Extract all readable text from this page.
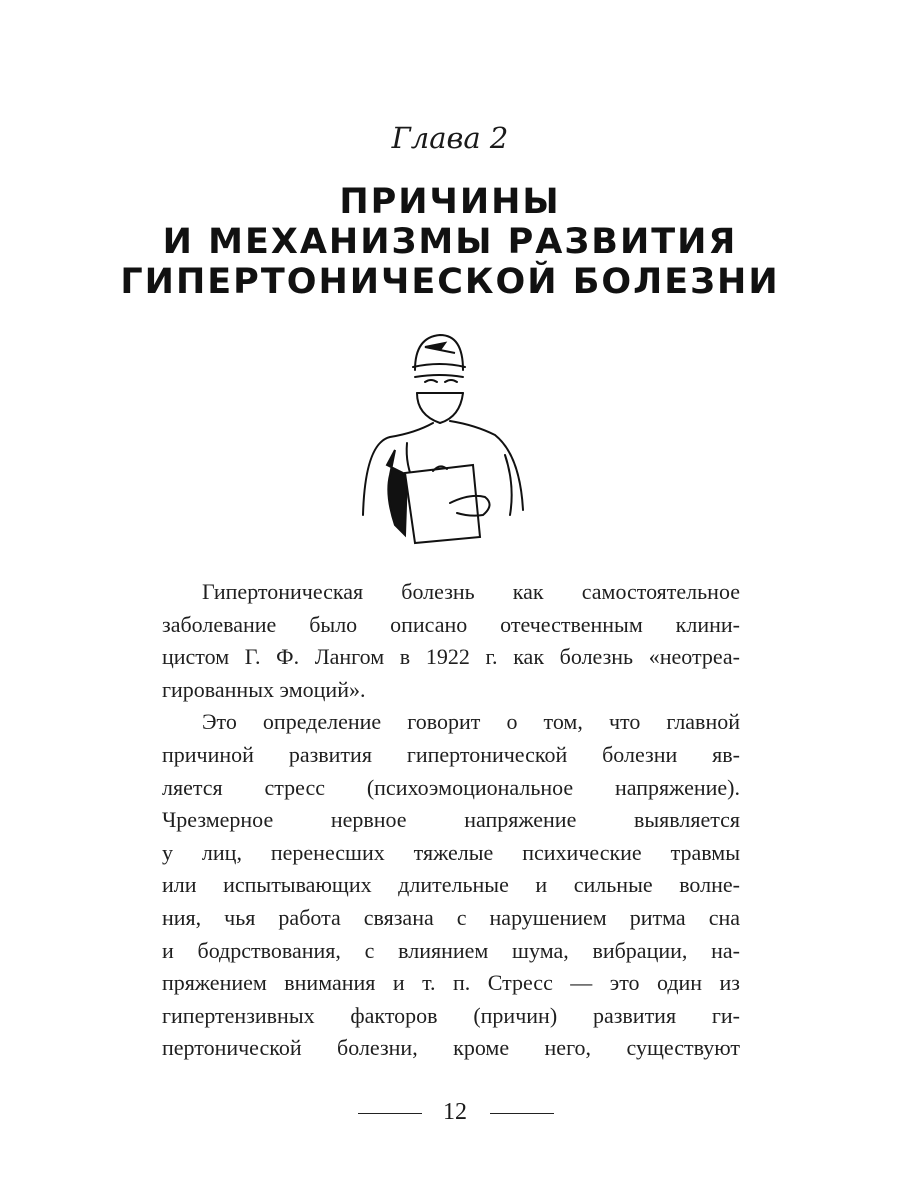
Глава 2
ПРИЧИНЫ
И МЕХАНИЗМЫ РАЗВИТИЯ
ГИПЕРТОНИЧЕСКОЙ БОЛЕЗНИ
Гипертоническая болезнь как самостоятельное
заболевание было описано отечественным клини-
цистом Г. Ф. Лангом в 1922 г. как болезнь «неотреа-
гированных эмоций».
Это определение говорит о том, что главной
причиной развития гипертонической болезни яв-
ляется стресс (психоэмоциональное напряжение).
Чрезмерное нервное напряжение выявляется
у лиц, перенесших тяжелые психические травмы
или испытывающих длительные и сильные волне-
ния, чья работа связана с нарушением ритма сна
и бодрствования, с влиянием шума, вибрации, на-
пряжением внимания и т. п. Стресс — это один из
гипертензивных факторов (причин) развития ги-
пертонической болезни, кроме него, существуют
12
